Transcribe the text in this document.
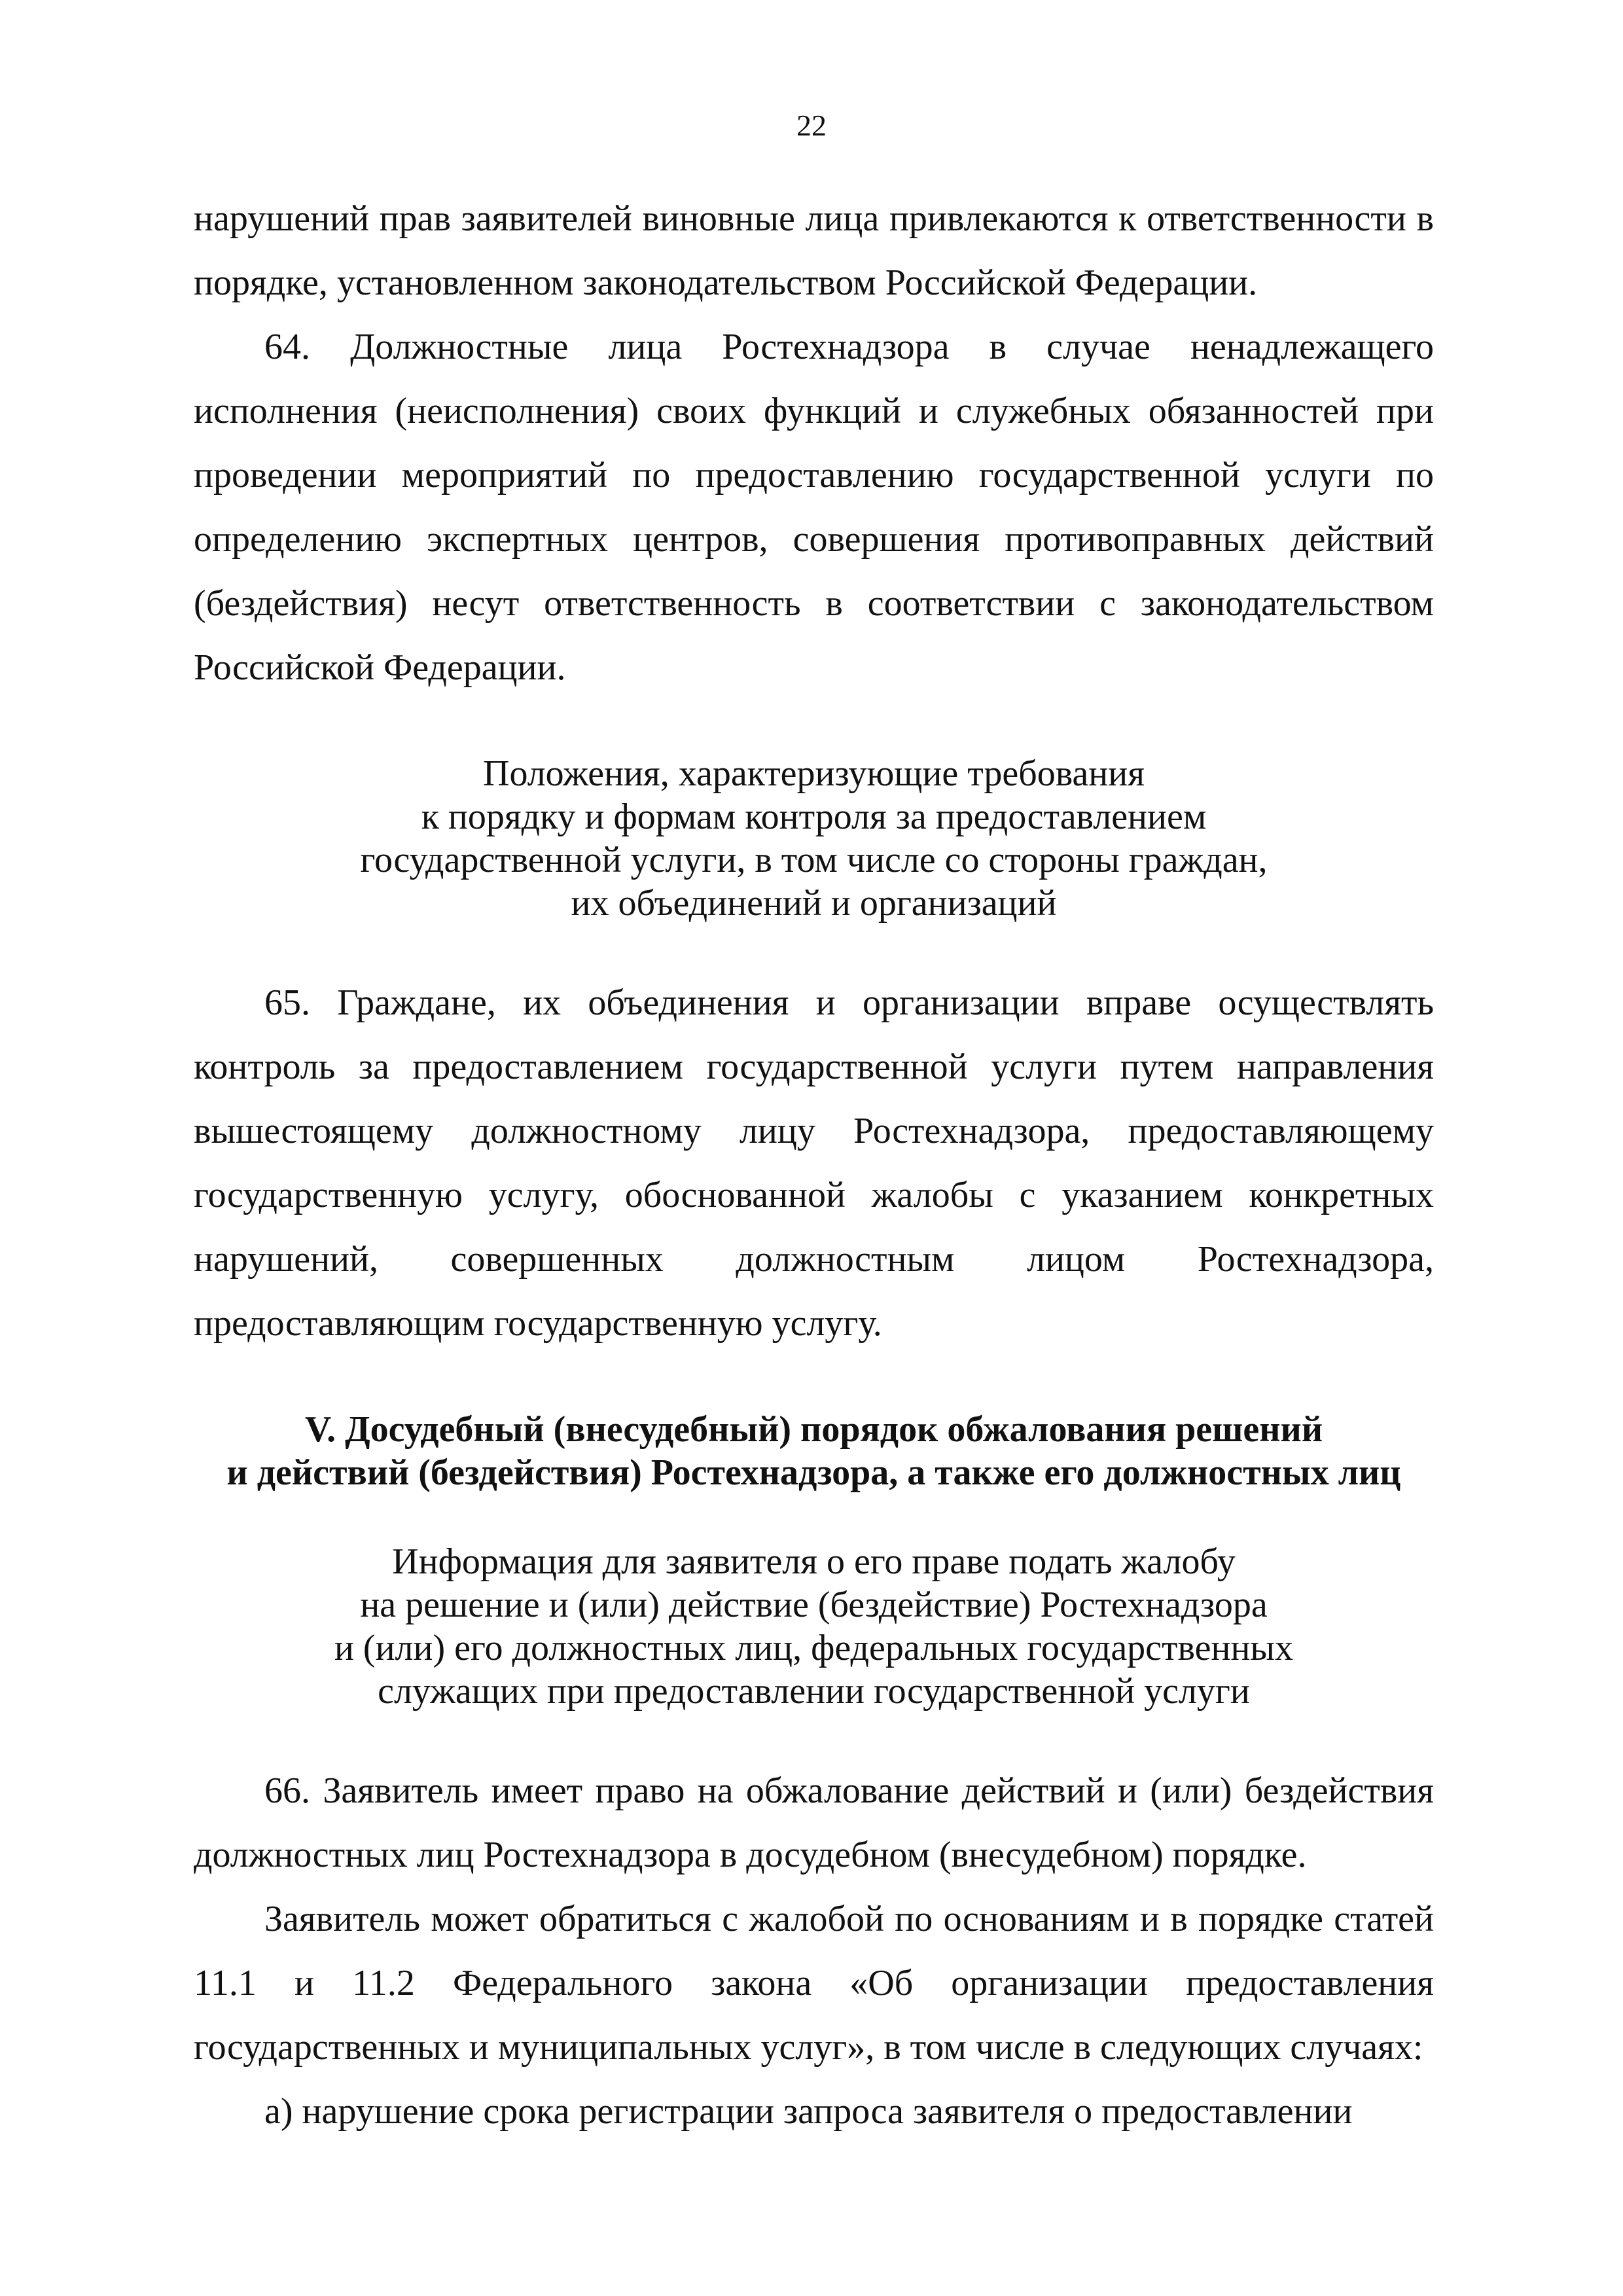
22

нарушений прав заявителей виновные лица привлекаются к ответственности в порядке, установленном законодательством Российской Федерации.

64. Должностные лица Ростехнадзора в случае ненадлежащего исполнения (неисполнения) своих функций и служебных обязанностей при проведении мероприятий по предоставлению государственной услуги по определению экспертных центров, совершения противоправных действий (бездействия) несут ответственность в соответствии с законодательством Российской Федерации.

Положения, характеризующие требования

к порядку и формам контроля за предоставлением

государственной услуги, в том числе со стороны граждан,

их объединений и организаций

65. Граждане, их объединения и организации вправе осуществлять контроль за предоставлением государственной услуги путем направления вышестоящему должностному лицу Ростехнадзора, предоставляющему государственную услугу, обоснованной жалобы с указанием конкретных нарушений, совершенных должностным лицом Ростехнадзора, предоставляющим государственную услугу.

V. Досудебный (внесудебный) порядок обжалования решений

и действий (бездействия) Ростехнадзора, а также его должностных лиц

Информация для заявителя о его праве подать жалобу

на решение и (или) действие (бездействие) Ростехнадзора

и (или) его должностных лиц, федеральных государственных

служащих при предоставлении государственной услуги

66. Заявитель имеет право на обжалование действий и (или) бездействия должностных лиц Ростехнадзора в досудебном (внесудебном) порядке.

Заявитель может обратиться с жалобой по основаниям и в порядке статей 11.1 и 11.2 Федерального закона «Об организации предоставления государственных и муниципальных услуг», в том числе в следующих случаях:

а) нарушение срока регистрации запроса заявителя о предоставлении
